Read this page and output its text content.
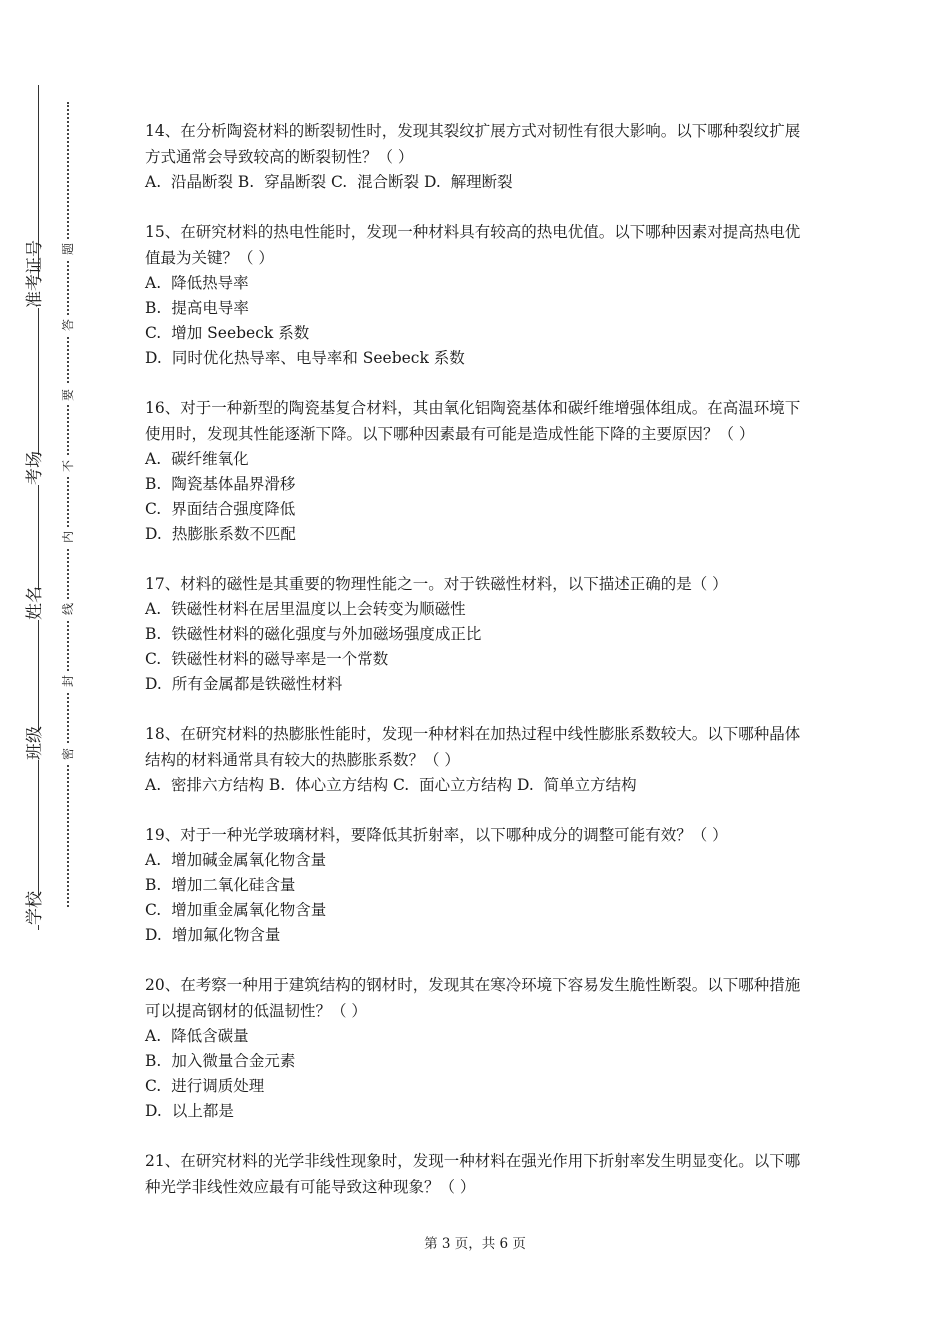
准考证号
考场
姓名
班级
学校
题
答
要
不
内
线
封
密

14、在分析陶瓷材料的断裂韧性时，发现其裂纹扩展方式对韧性有很大影响。以下哪种裂纹扩展方式通常会导致较高的断裂韧性？（ ）

A.  沿晶断裂 B.  穿晶断裂 C.  混合断裂 D.  解理断裂

15、在研究材料的热电性能时，发现一种材料具有较高的热电优值。以下哪种因素对提高热电优值最为关键？（ ）

A. 降低热导率

B. 提高电导率

C. 增加 Seebeck 系数

D. 同时优化热导率、电导率和 Seebeck 系数

16、对于一种新型的陶瓷基复合材料，其由氧化铝陶瓷基体和碳纤维增强体组成。在高温环境下使用时，发现其性能逐渐下降。以下哪种因素最有可能是造成性能下降的主要原因？（ ）

A. 碳纤维氧化

B. 陶瓷基体晶界滑移

C. 界面结合强度降低

D. 热膨胀系数不匹配

17、材料的磁性是其重要的物理性能之一。对于铁磁性材料，以下描述正确的是（ ）

A. 铁磁性材料在居里温度以上会转变为顺磁性

B. 铁磁性材料的磁化强度与外加磁场强度成正比

C. 铁磁性材料的磁导率是一个常数

D. 所有金属都是铁磁性材料

18、在研究材料的热膨胀性能时，发现一种材料在加热过程中线性膨胀系数较大。以下哪种晶体结构的材料通常具有较大的热膨胀系数？（ ）

A.  密排六方结构 B.  体心立方结构 C.  面心立方结构 D.  简单立方结构

19、对于一种光学玻璃材料，要降低其折射率，以下哪种成分的调整可能有效？（ ）

A. 增加碱金属氧化物含量

B. 增加二氧化硅含量

C. 增加重金属氧化物含量

D. 增加氟化物含量

20、在考察一种用于建筑结构的钢材时，发现其在寒冷环境下容易发生脆性断裂。以下哪种措施可以提高钢材的低温韧性？（ ）

A. 降低含碳量

B. 加入微量合金元素

C. 进行调质处理

D. 以上都是

21、在研究材料的光学非线性现象时，发现一种材料在强光作用下折射率发生明显变化。以下哪种光学非线性效应最有可能导致这种现象？（ ）

第 3 页，共 6 页
